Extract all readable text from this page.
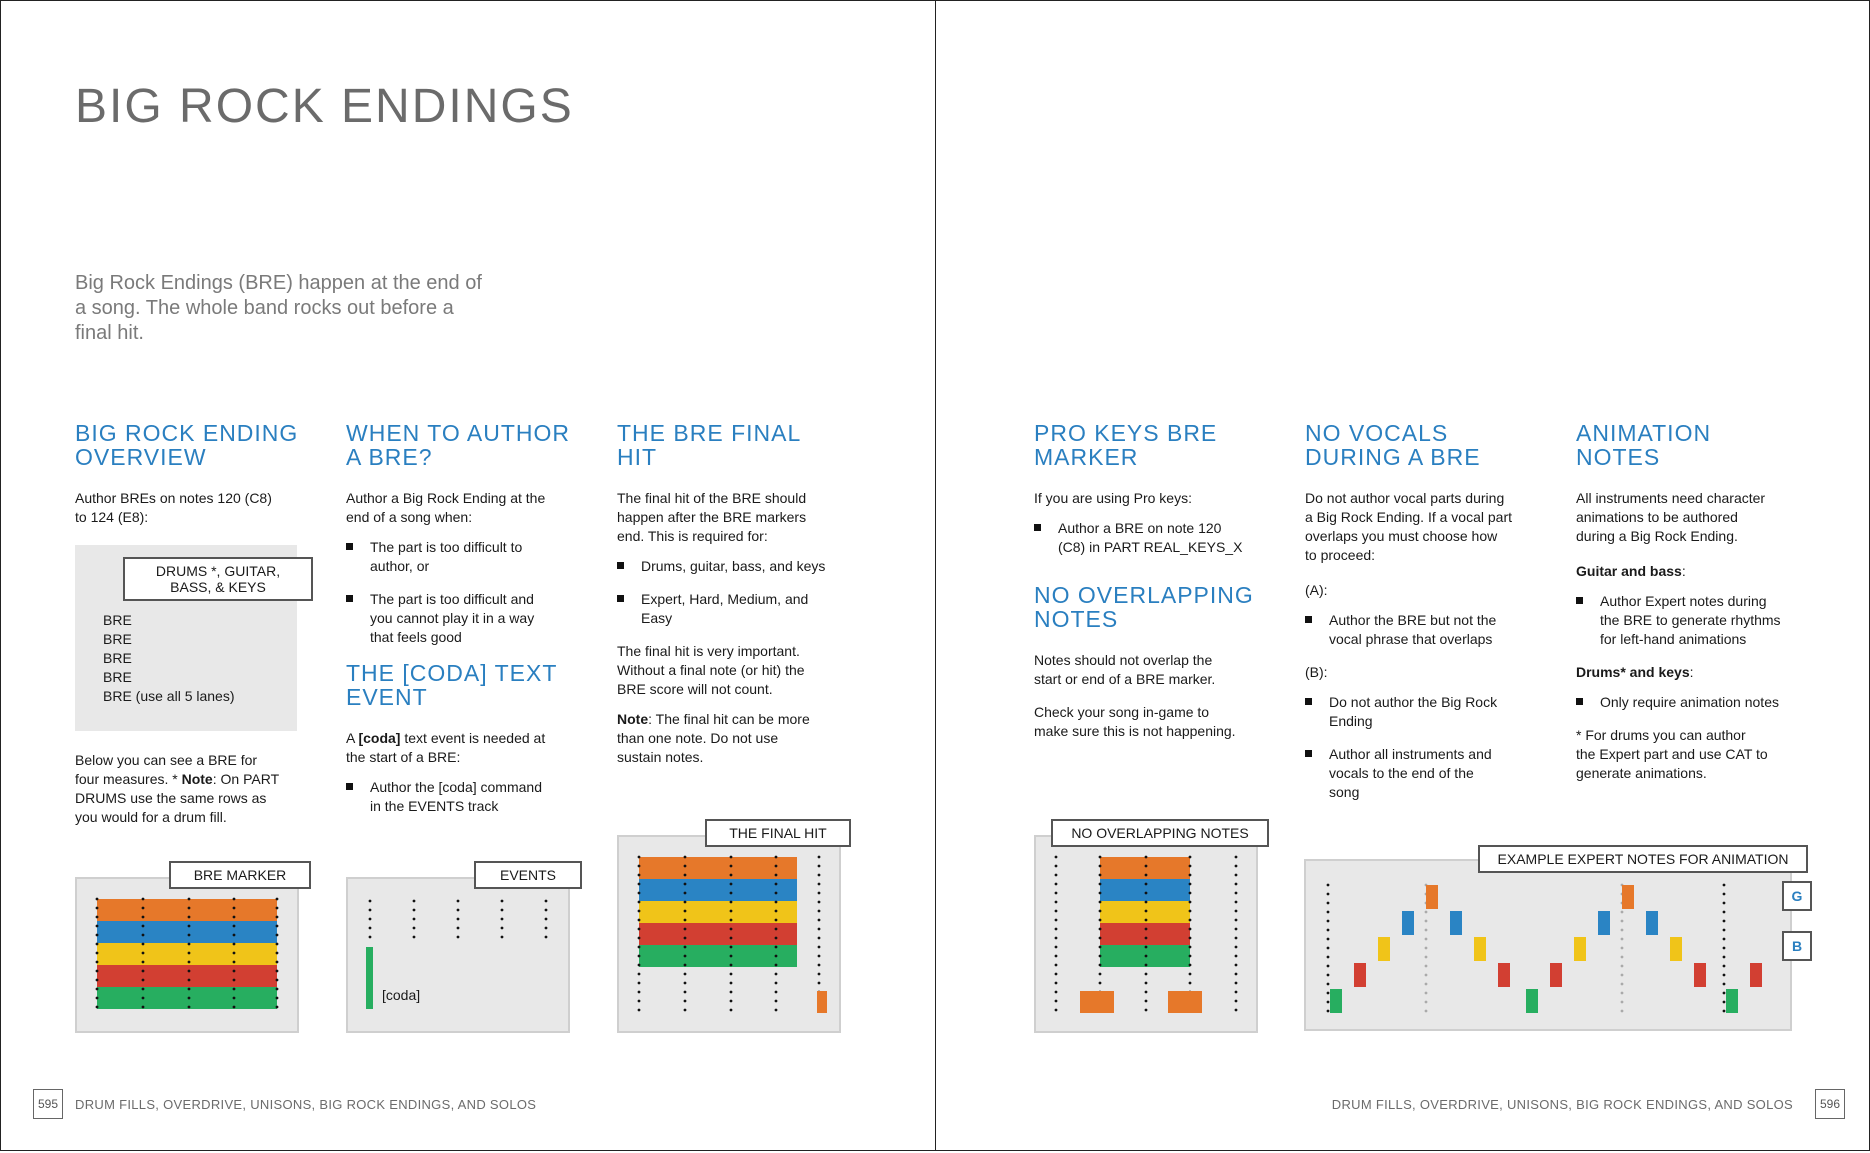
BIG ROCK ENDINGS
Big Rock Endings (BRE) happen at the end of
a song. The whole band rocks out before a
final hit.
BIG ROCK ENDING
OVERVIEW

Author BREs on notes 120 (C8)
to 124 (E8):

DRUMS *, GUITAR,
BASS, & KEYS
BRE
BRE
BRE
BRE
BRE (use all 5 lanes)

Below you can see a BRE for
four measures. * Note: On PART
DRUMS use the same rows as
you would for a drum fill.

BRE MARKER
WHEN TO AUTHOR
A BRE?

Author a Big Rock Ending at the
end of a song when:

The part is too difficult to
author, or
The part is too difficult and
you cannot play it in a way
that feels good
THE [CODA] TEXT
EVENT

A [coda] text event is needed at
the start of a BRE:

Author the [coda] command
in the EVENTS track
[coda]
EVENTS
THE BRE FINAL
HIT

The final hit of the BRE should
happen after the BRE markers
end. This is required for:

Drums, guitar, bass, and keys
Expert, Hard, Medium, and
Easy

The final hit is very important.
Without a final note (or hit) the
BRE score will not count.

Note: The final hit can be more
than one note. Do not use
sustain notes.

THE FINAL HIT
595	DRUM FILLS, OVERDRIVE, UNISONS, BIG ROCK ENDINGS, AND SOLOS
PRO KEYS BRE
MARKER

If you are using Pro keys:

Author a BRE on note 120
(C8) in PART REAL_KEYS_X
NO OVERLAPPING
NOTES

Notes should not overlap the
start or end of a BRE marker.

Check your song in-game to
make sure this is not happening.

NO OVERLAPPING NOTES
NO VOCALS
DURING A BRE

Do not author vocal parts during
a Big Rock Ending. If a vocal part
overlaps you must choose how
to proceed:

(A):

Author the BRE but not the
vocal phrase that overlaps

(B):

Do not author the Big Rock
Ending
Author all instruments and
vocals to the end of the
song
ANIMATION
NOTES

All instruments need character
animations to be authored
during a Big Rock Ending.

Guitar and bass:

Author Expert notes during
the BRE to generate rhythms
for left-hand animations

Drums* and keys:

Only require animation notes

* For drums you can author
the Expert part and use CAT to
generate animations.

EXAMPLE EXPERT NOTES FOR ANIMATION
G
B
DRUM FILLS, OVERDRIVE, UNISONS, BIG ROCK ENDINGS, AND SOLOS	596
